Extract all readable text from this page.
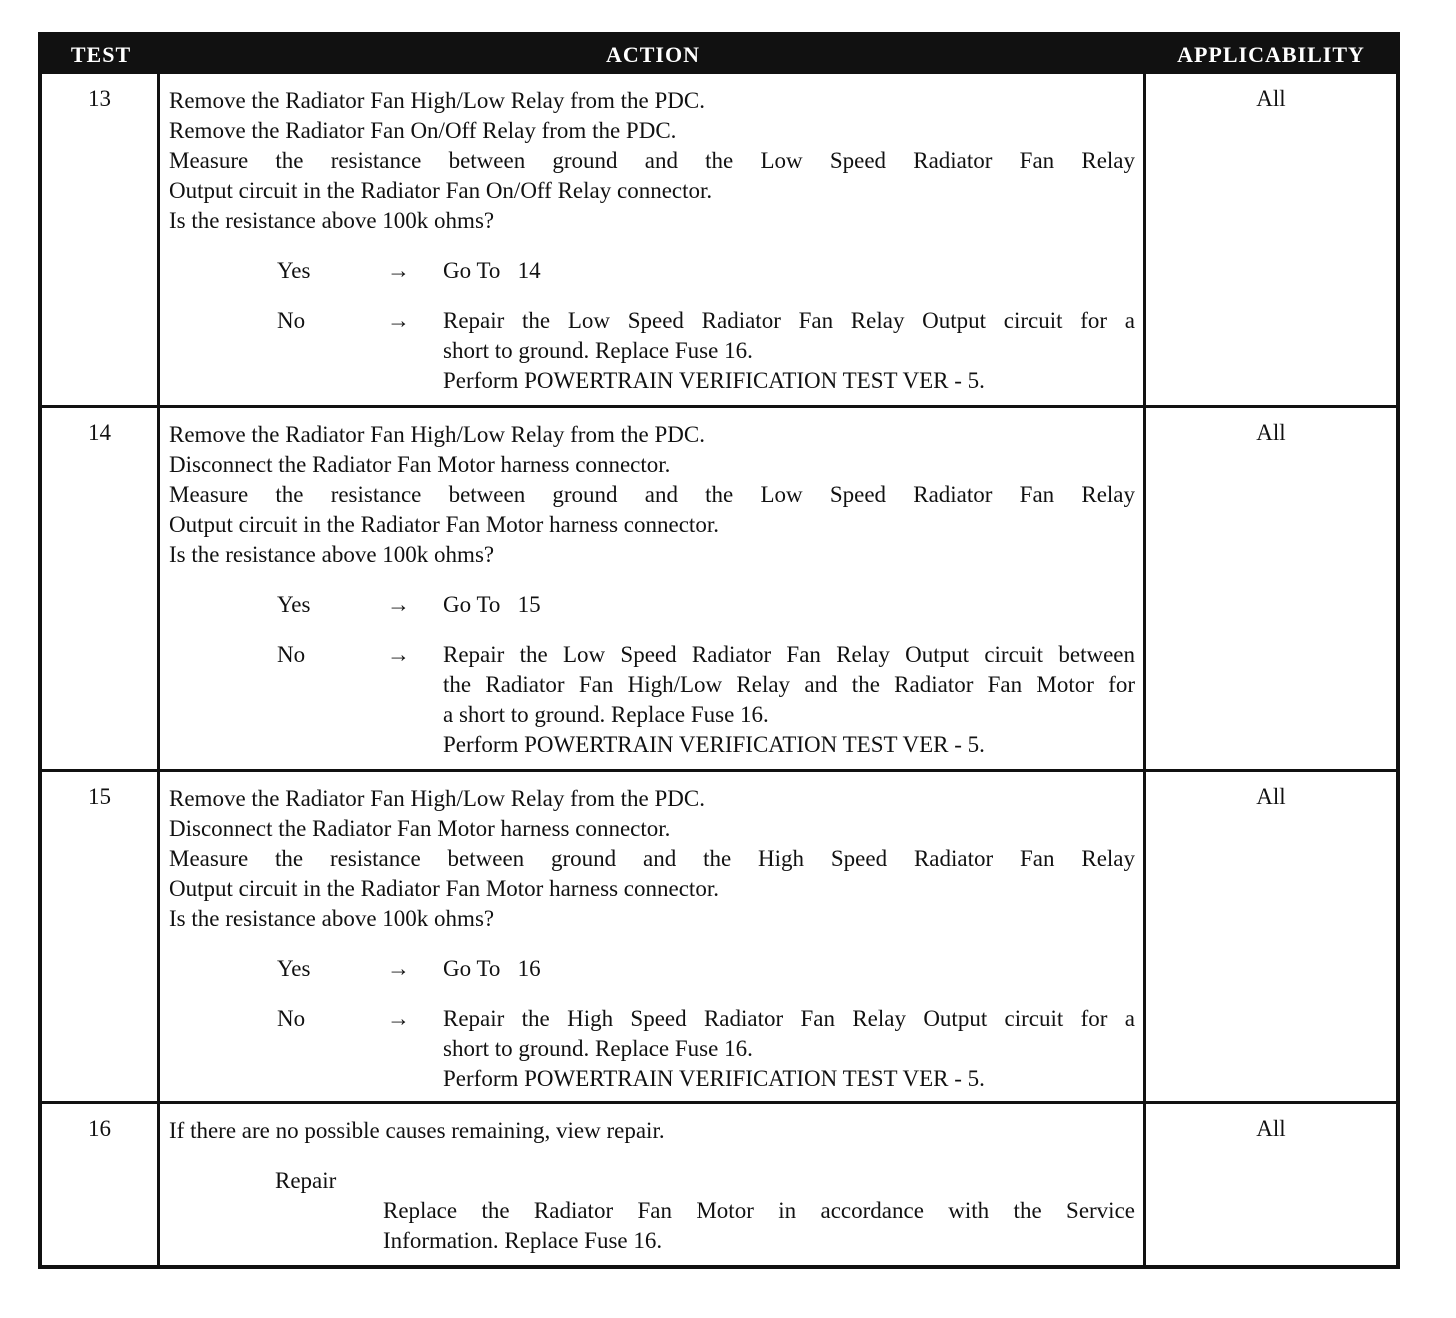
TEST	ACTION	APPLICABILITY
13	Remove the Radiator Fan High/Low Relay from the PDC.
Remove the Radiator Fan On/Off Relay from the PDC.
Measure the resistance between ground and the Low Speed Radiator Fan Relay
Output circuit in the Radiator Fan On/Off Relay connector.
Is the resistance above 100k ohms?
Yes	→	Go To   14
No	→	Repair the Low Speed Radiator Fan Relay Output circuit for a
short to ground. Replace Fuse 16.
Perform POWERTRAIN VERIFICATION TEST VER - 5.
All
14	Remove the Radiator Fan High/Low Relay from the PDC.
Disconnect the Radiator Fan Motor harness connector.
Measure the resistance between ground and the Low Speed Radiator Fan Relay
Output circuit in the Radiator Fan Motor harness connector.
Is the resistance above 100k ohms?
Yes	→	Go To   15
No	→	Repair the Low Speed Radiator Fan Relay Output circuit between
the Radiator Fan High/Low Relay and the Radiator Fan Motor for
a short to ground. Replace Fuse 16.
Perform POWERTRAIN VERIFICATION TEST VER - 5.
All
15	Remove the Radiator Fan High/Low Relay from the PDC.
Disconnect the Radiator Fan Motor harness connector.
Measure the resistance between ground and the High Speed Radiator Fan Relay
Output circuit in the Radiator Fan Motor harness connector.
Is the resistance above 100k ohms?
Yes	→	Go To   16
No	→	Repair the High Speed Radiator Fan Relay Output circuit for a
short to ground. Replace Fuse 16.
Perform POWERTRAIN VERIFICATION TEST VER - 5.
All
16	If there are no possible causes remaining, view repair.
Repair
Replace the Radiator Fan Motor in accordance with the Service
Information. Replace Fuse 16.
All
